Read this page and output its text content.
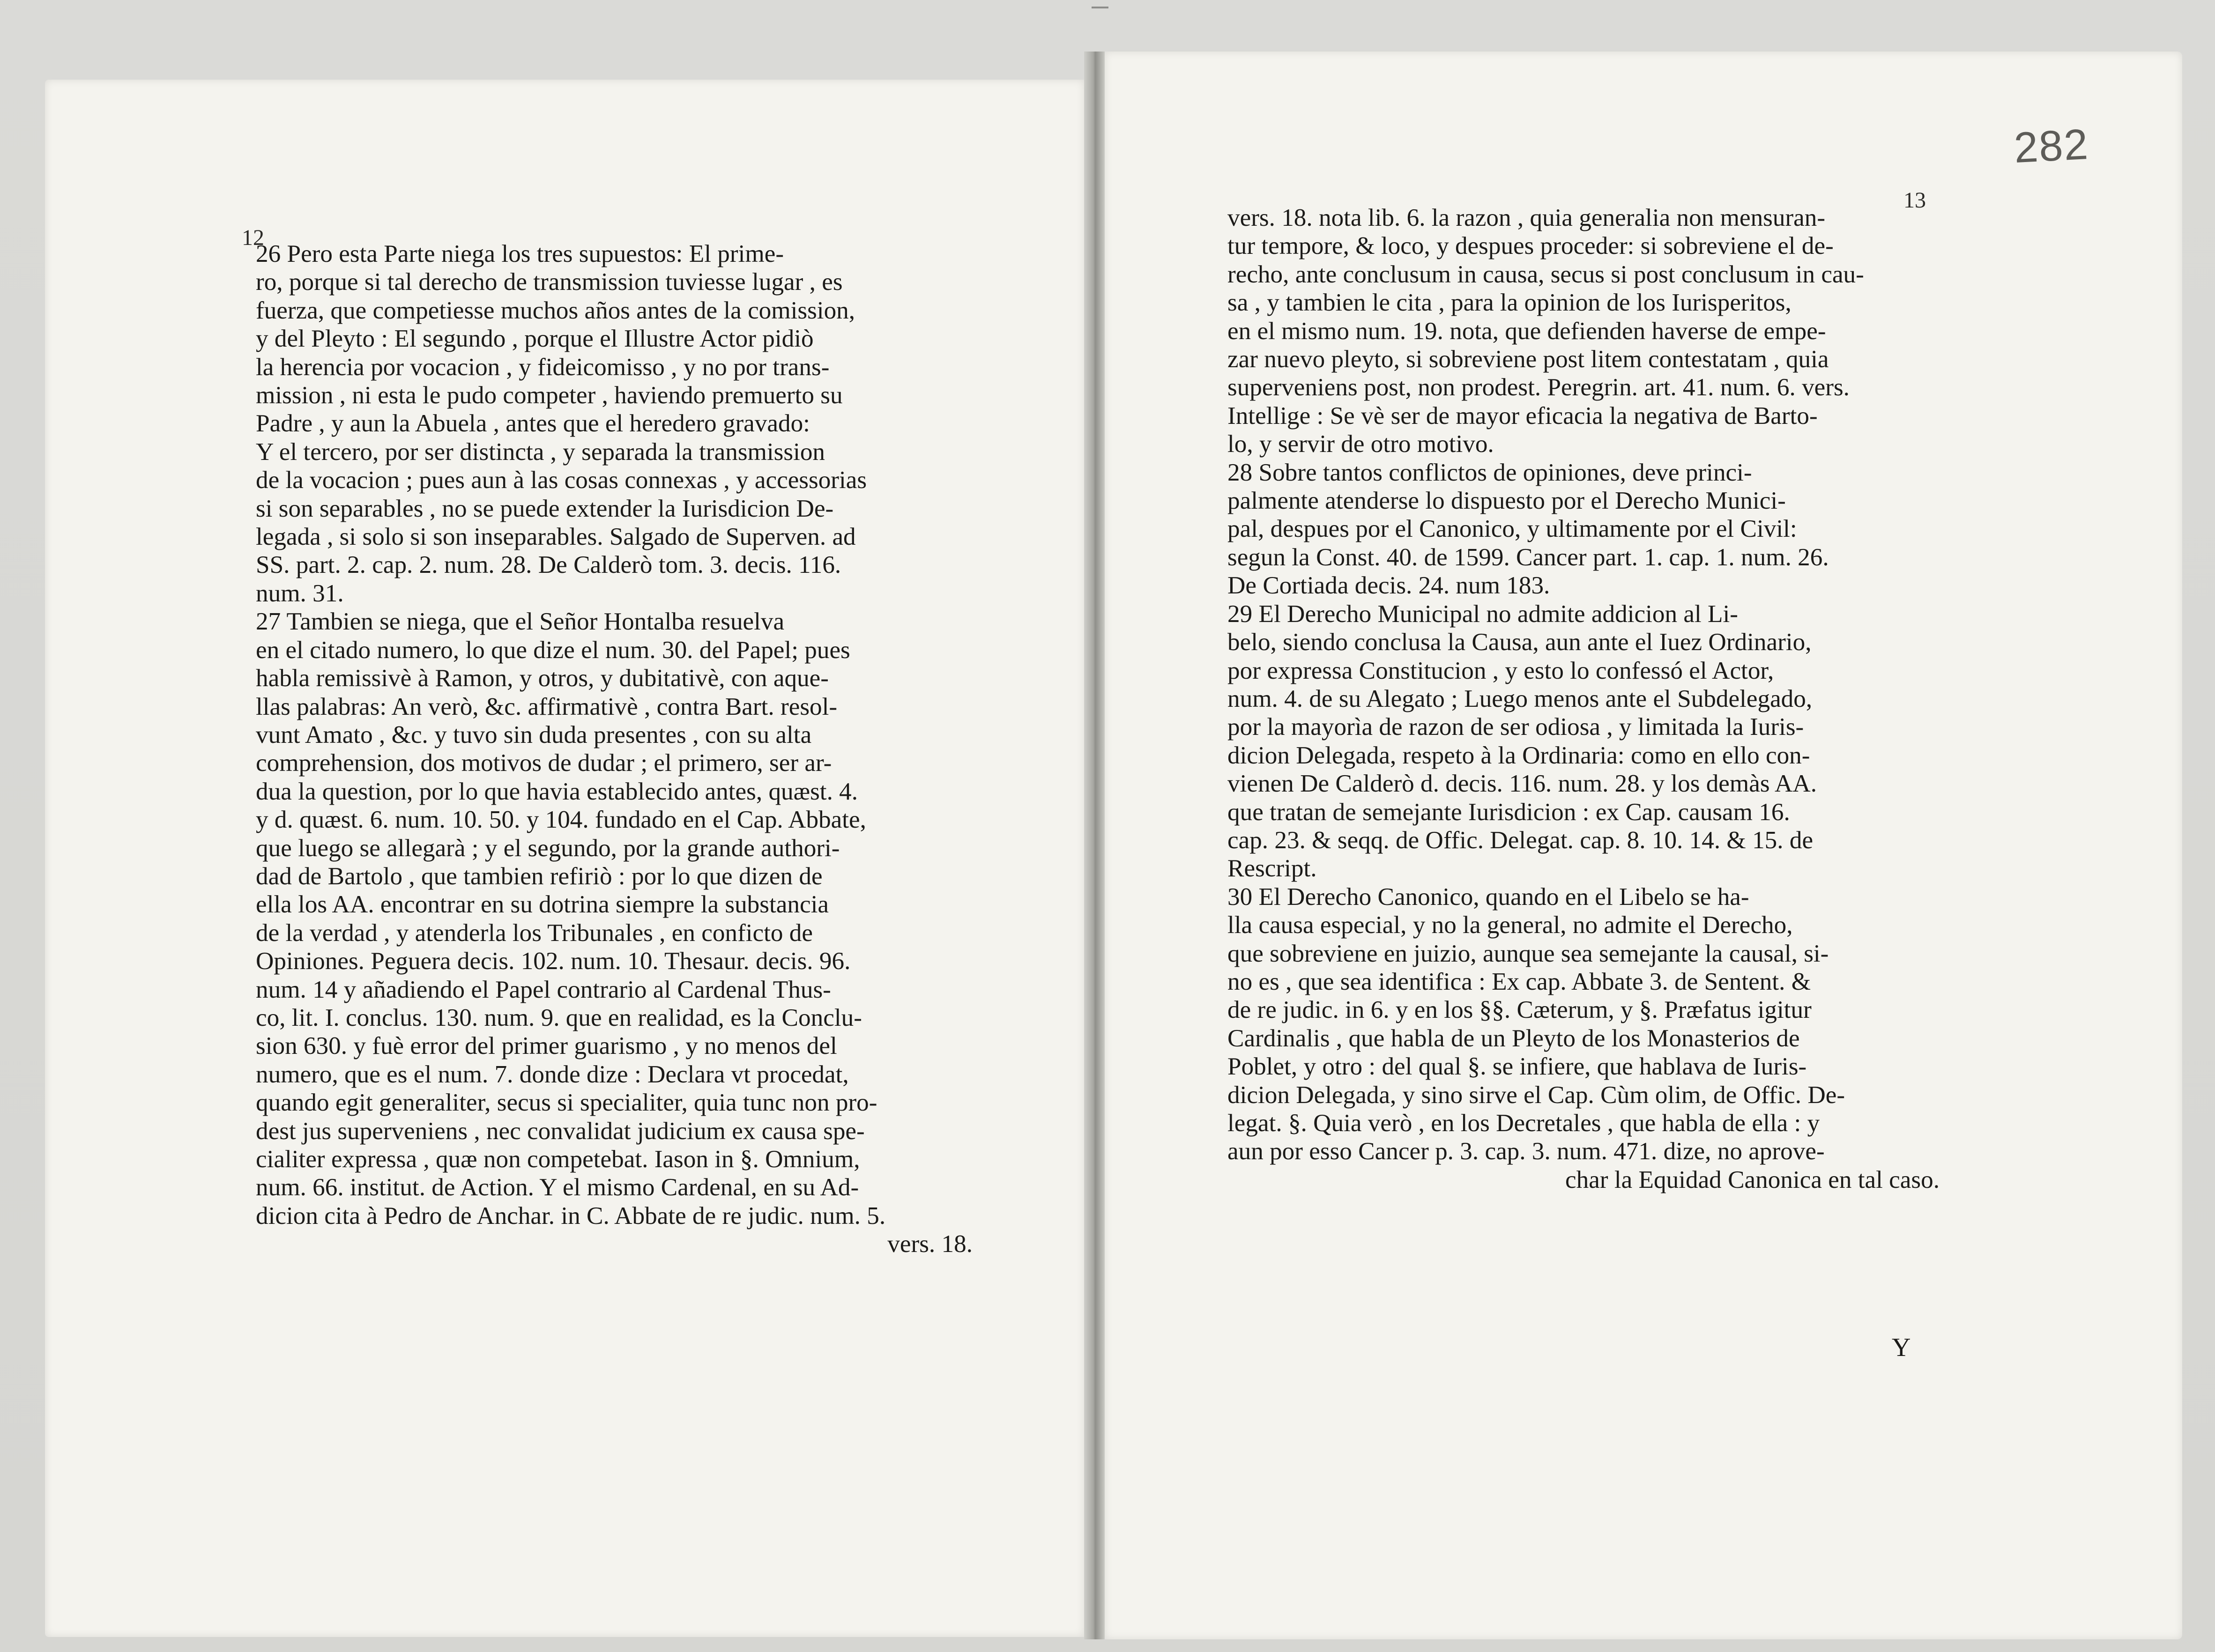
12
26 Pero esta Parte niega los tres supuestos: El prime-
ro, porque si tal derecho de transmission tuviesse lugar , es
fuerza, que competiesse muchos años antes de la comission,
y del Pleyto : El segundo , porque el Illustre Actor pidiò
la herencia por vocacion , y fideicomisso , y no por trans-
mission , ni esta le pudo competer , haviendo premuerto su
Padre , y aun la Abuela , antes que el heredero gravado:
Y el tercero, por ser distincta , y separada la transmission
de la vocacion ; pues aun à las cosas connexas , y accessorias
si son separables , no se puede extender la Iurisdicion De-
legada , si solo si son inseparables. Salgado de Superven. ad
SS. part. 2. cap. 2. num. 28. De Calderò tom. 3. decis. 116.
num. 31.
27 Tambien se niega, que el Señor Hontalba resuelva
en el citado numero, lo que dize el num. 30. del Papel; pues
habla remissivè à Ramon, y otros, y dubitativè, con aque-
llas palabras: An verò, &c. affirmativè , contra Bart. resol-
vunt Amato , &c. y tuvo sin duda presentes , con su alta
comprehension, dos motivos de dudar ; el primero, ser ar-
dua la question, por lo que havia establecido antes, quæst. 4.
y d. quæst. 6. num. 10. 50. y 104. fundado en el Cap. Abbate,
que luego se allegarà ; y el segundo, por la grande authori-
dad de Bartolo , que tambien refiriò : por lo que dizen de
ella los AA. encontrar en su dotrina siempre la substancia
de la verdad , y atenderla los Tribunales , en conficto de
Opiniones. Peguera decis. 102. num. 10. Thesaur. decis. 96.
num. 14 y añadiendo el Papel contrario al Cardenal Thus-
co, lit. I. conclus. 130. num. 9. que en realidad, es la Conclu-
sion 630. y fuè error del primer guarismo , y no menos del
numero, que es el num. 7. donde dize : Declara vt procedat,
quando egit generaliter, secus si specialiter, quia tunc non pro-
dest jus superveniens , nec convalidat judicium ex causa spe-
cialiter expressa , quæ non competebat. Iason in §. Omnium,
num. 66. institut. de Action. Y el mismo Cardenal, en su Ad-
dicion cita à Pedro de Anchar. in C. Abbate de re judic. num. 5.
vers. 18.
282
13
vers. 18. nota lib. 6. la razon , quia generalia non mensuran-
tur tempore, & loco, y despues proceder: si sobreviene el de-
recho, ante conclusum in causa, secus si post conclusum in cau-
sa , y tambien le cita , para la opinion de los Iurisperitos,
en el mismo num. 19. nota, que defienden haverse de empe-
zar nuevo pleyto, si sobreviene post litem contestatam , quia
superveniens post, non prodest. Peregrin. art. 41. num. 6. vers.
Intellige : Se vè ser de mayor eficacia la negativa de Barto-
lo, y servir de otro motivo.
28 Sobre tantos conflictos de opiniones, deve princi-
palmente atenderse lo dispuesto por el Derecho Munici-
pal, despues por el Canonico, y ultimamente por el Civil:
segun la Const. 40. de 1599. Cancer part. 1. cap. 1. num. 26.
De Cortiada decis. 24. num 183.
29 El Derecho Municipal no admite addicion al Li-
belo, siendo conclusa la Causa, aun ante el Iuez Ordinario,
por expressa Constitucion , y esto lo confessó el Actor,
num. 4. de su Alegato ; Luego menos ante el Subdelegado,
por la mayorìa de razon de ser odiosa , y limitada la Iuris-
dicion Delegada, respeto à la Ordinaria: como en ello con-
vienen De Calderò d. decis. 116. num. 28. y los demàs AA.
que tratan de semejante Iurisdicion : ex Cap. causam 16.
cap. 23. & seqq. de Offic. Delegat. cap. 8. 10. 14. & 15. de
Rescript.
30 El Derecho Canonico, quando en el Libelo se ha-
lla causa especial, y no la general, no admite el Derecho,
que sobreviene en juizio, aunque sea semejante la causal, si-
no es , que sea identifica : Ex cap. Abbate 3. de Sentent. &
de re judic. in 6. y en los §§. Cæterum, y §. Præfatus igitur
Cardinalis , que habla de un Pleyto de los Monasterios de
Poblet, y otro : del qual §. se infiere, que hablava de Iuris-
dicion Delegada, y sino sirve el Cap. Cùm olim, de Offic. De-
legat. §. Quia verò , en los Decretales , que habla de ella : y
aun por esso Cancer p. 3. cap. 3. num. 471. dize, no aprove-
char la Equidad Canonica en tal caso.
Y
